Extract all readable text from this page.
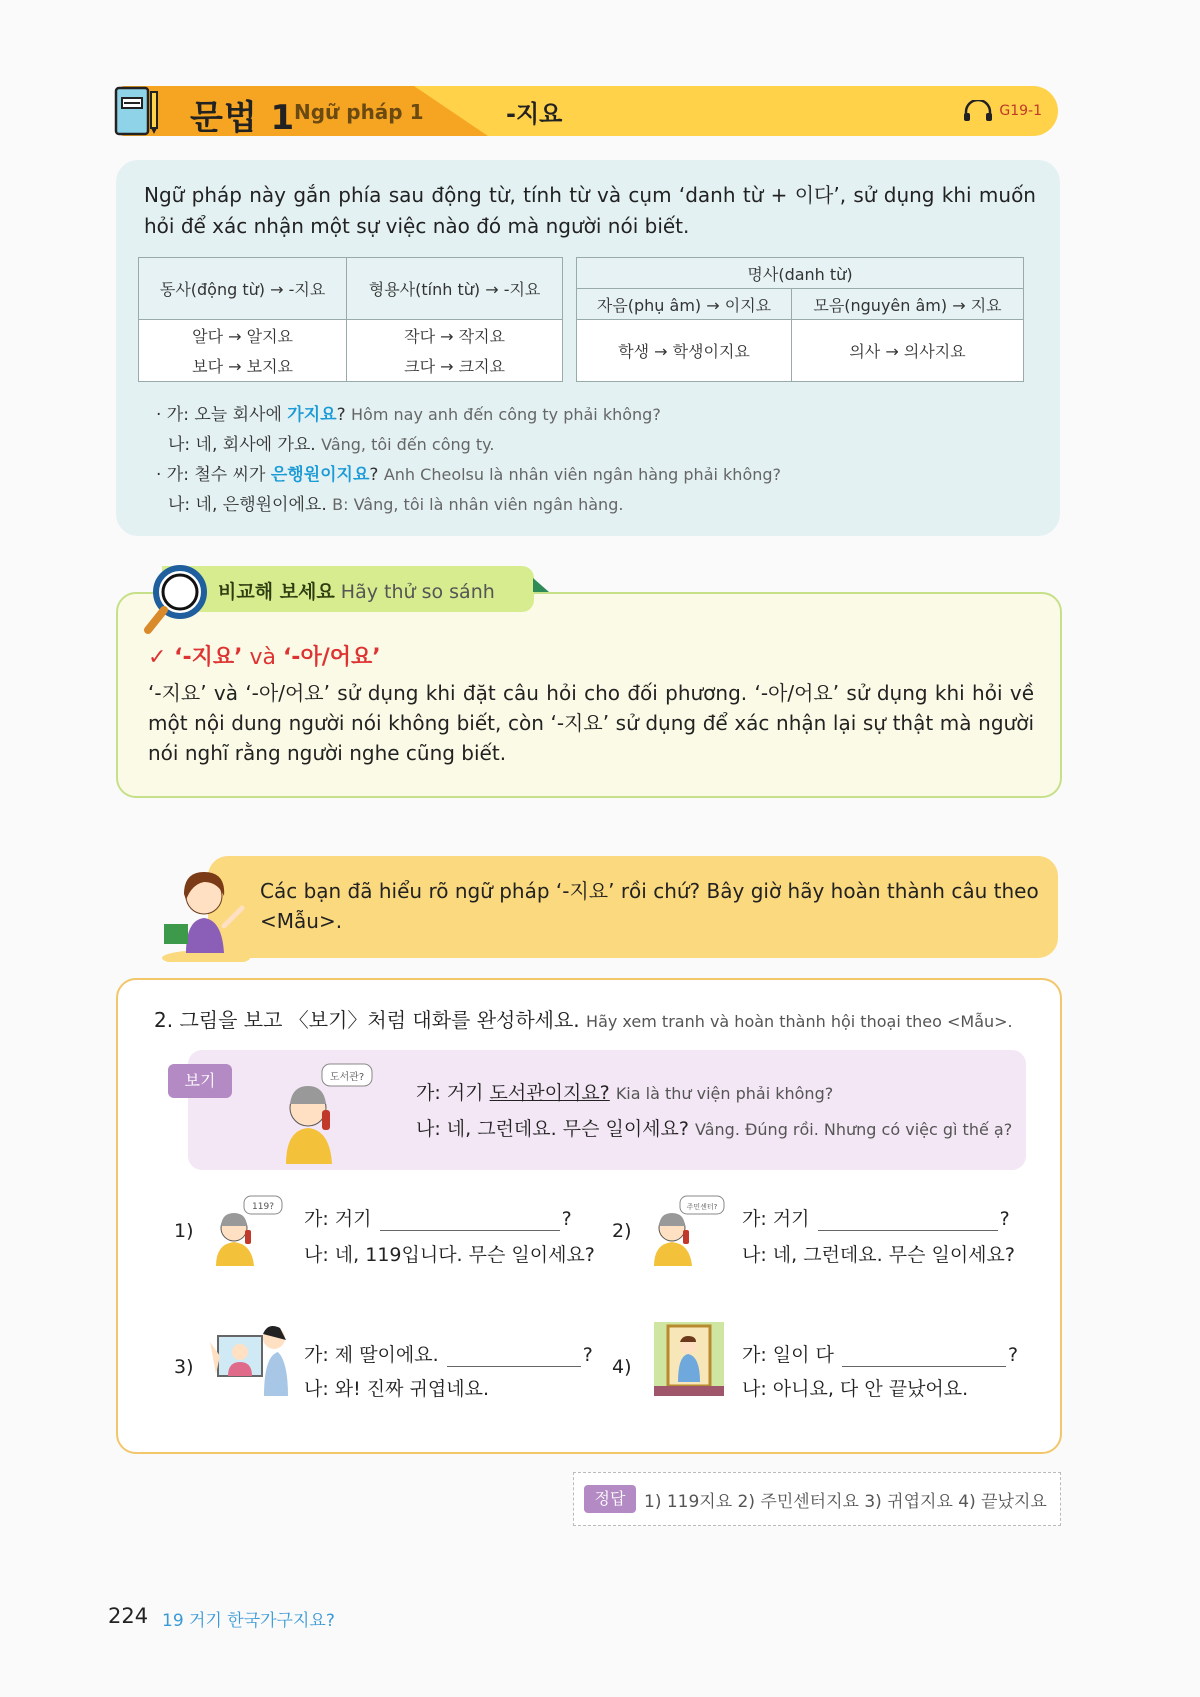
문법 1
Ngữ pháp 1	-지요	G19-1
Ngữ pháp này gắn phía sau động từ, tính từ và cụm ‘danh từ + 이다’, sử dụng khi muốn hỏi để xác nhận một sự việc nào đó mà người nói biết.
동사(động từ) → -지요	형용사(tính từ) → -지요
알다 → 알지요	작다 → 작지요
보다 → 보지요	크다 → 크지요
명사(danh từ)	
자음(phụ âm) → 이지요	모음(nguyên âm) → 지요
학생 → 학생이지요	의사 → 의사지요
· 가: 오늘 회사에 가지요? Hôm nay anh đến công ty phải không?
나: 네, 회사에 가요. Vâng, tôi đến công ty.
· 가: 철수 씨가 은행원이지요? Anh Cheolsu là nhân viên ngân hàng phải không?
나: 네, 은행원이에요. B: Vâng, tôi là nhân viên ngân hàng.
✓ ‘-지요’ và ‘-아/어요’
‘-지요’ và ‘-아/어요’ sử dụng khi đặt câu hỏi cho đối phương. ‘-아/어요’ sử dụng khi hỏi về một nội dung người nói không biết, còn ‘-지요’ sử dụng để xác nhận lại sự thật mà người nói nghĩ rằng người nghe cũng biết.
비교해 보세요 Hãy thử so sánh
Các bạn đã hiểu rõ ngữ pháp ‘-지요’ rồi chứ? Bây giờ hãy hoàn thành câu theo <Mẫu>.
2. 그림을 보고 〈보기〉처럼 대화를 완성하세요. Hãy xem tranh và hoàn thành hội thoại theo <Mẫu>.
보기	도서관?
가: 거기 도서관이지요? Kia là thư viện phải không?
나: 네, 그런데요. 무슨 일이세요? Vâng. Đúng rồi. Nhưng có việc gì thế ạ?
1)
119?
가: 거기	?
나: 네, 119입니다. 무슨 일이세요?
2)
주민센터?
가: 거기	?
나: 네, 그런데요. 무슨 일이세요?
3)
가: 제 딸이에요.	?
나: 와! 진짜 귀엽네요.
4)
가: 일이 다	?
나: 아니요, 다 안 끝났어요.
정답	1) 119지요 2) 주민센터지요 3) 귀엽지요 4) 끝났지요
224 19 거기 한국가구지요?
